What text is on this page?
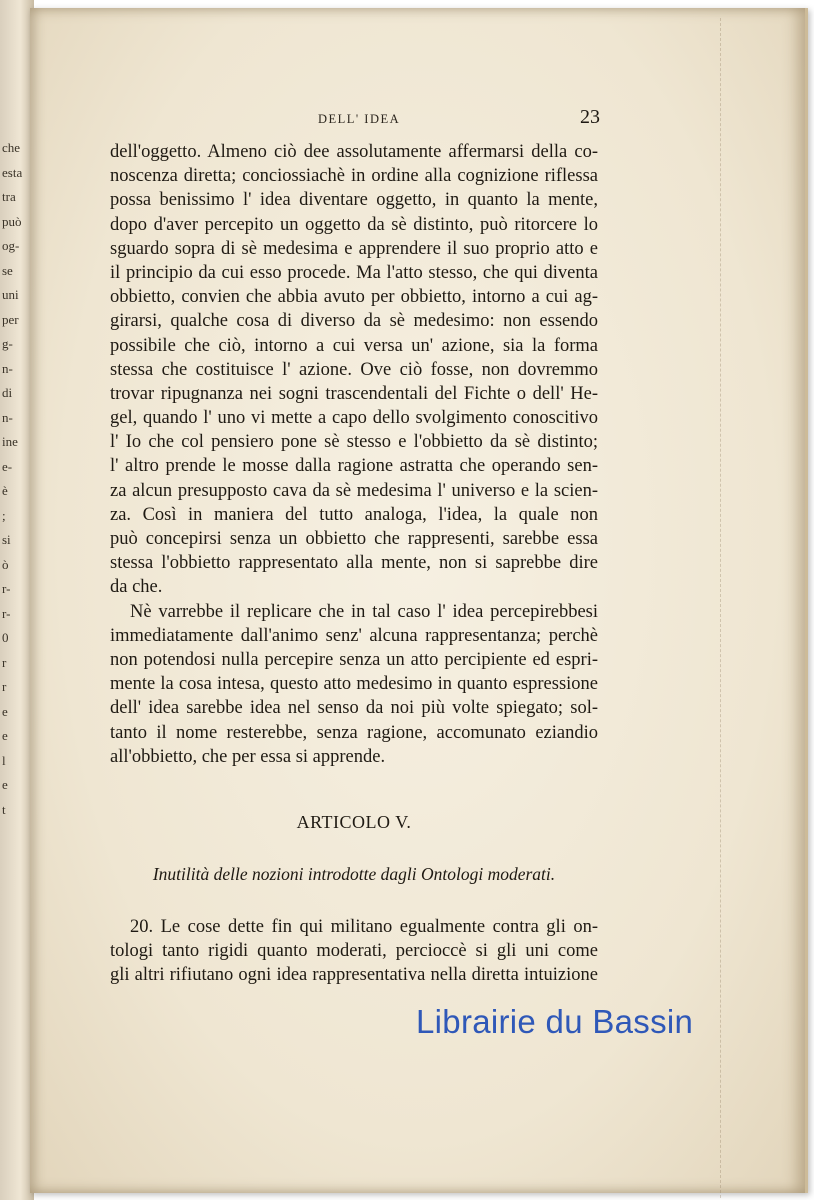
che
esta
tra
può
og-
se
uni
per
g-
n-
di
n-
ine
e-
è
;
si
ò
r-
r-
0
r
r
e
e
l
e
t
DELL' IDEA	23
dell'oggetto. Almeno ciò dee assolutamente affermarsi della co-
noscenza diretta; conciossiachè in ordine alla cognizione riflessa
possa benissimo l' idea diventare oggetto, in quanto la mente,
dopo d'aver percepito un oggetto da sè distinto, può ritorcere lo
sguardo sopra di sè medesima e apprendere il suo proprio atto e
il principio da cui esso procede. Ma l'atto stesso, che qui diventa
obbietto, convien che abbia avuto per obbietto, intorno a cui ag-
girarsi, qualche cosa di diverso da sè medesimo: non essendo
possibile che ciò, intorno a cui versa un' azione, sia la forma
stessa che costituisce l' azione. Ove ciò fosse, non dovremmo
trovar ripugnanza nei sogni trascendentali del Fichte o dell' He-
gel, quando l' uno vi mette a capo dello svolgimento conoscitivo
l' Io che col pensiero pone sè stesso e l'obbietto da sè distinto;
l' altro prende le mosse dalla ragione astratta che operando sen-
za alcun presupposto cava da sè medesima l' universo e la scien-
za. Così in maniera del tutto analoga, l'idea, la quale non
può concepirsi senza un obbietto che rappresenti, sarebbe essa
stessa l'obbietto rappresentato alla mente, non si saprebbe dire
da che.
Nè varrebbe il replicare che in tal caso l' idea percepirebbesi
immediatamente dall'animo senz' alcuna rappresentanza; perchè
non potendosi nulla percepire senza un atto percipiente ed espri-
mente la cosa intesa, questo atto medesimo in quanto espressione
dell' idea sarebbe idea nel senso da noi più volte spiegato; sol-
tanto il nome resterebbe, senza ragione, accomunato eziandio
all'obbietto, che per essa si apprende.
ARTICOLO V.
Inutilità delle nozioni introdotte dagli Ontologi moderati.
20. Le cose dette fin qui militano egualmente contra gli on-
tologi tanto rigidi quanto moderati, percioccè si gli uni come
gli altri rifiutano ogni idea rappresentativa nella diretta intuizione
Librairie du Bassin
